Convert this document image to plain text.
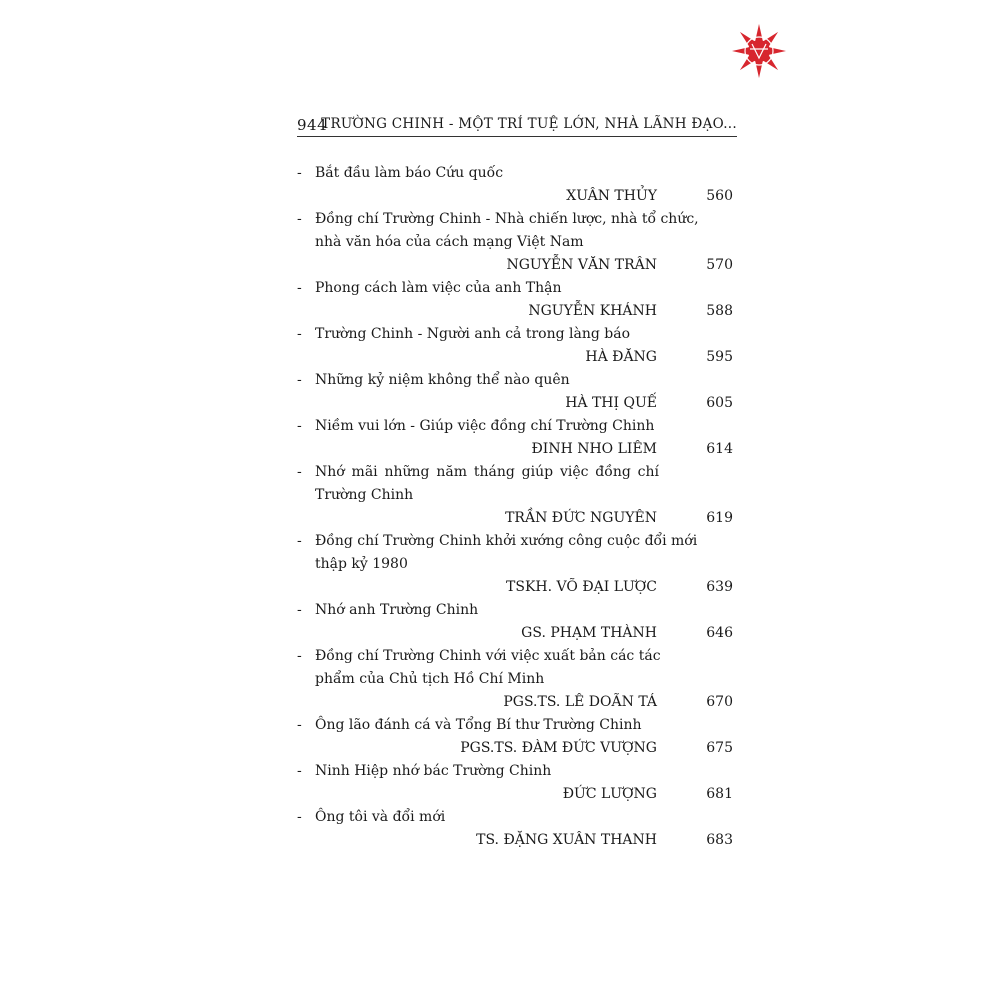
944
TRƯỜNG CHINH - MỘT TRÍ TUỆ LỚN, NHÀ LÃNH ĐẠO...
- Bắt đầu làm báo Cứu quốc
XUÂN THỦY	560
- Đồng chí Trường Chinh - Nhà chiến lược, nhà tổ chức,
nhà văn hóa của cách mạng Việt Nam
NGUYỄN VĂN TRÂN	570
- Phong cách làm việc của anh Thận
NGUYỄN KHÁNH	588
- Trường Chinh - Người anh cả trong làng báo
HÀ ĐĂNG	595
- Những kỷ niệm không thể nào quên
HÀ THỊ QUẾ	605
- Niềm vui lớn - Giúp việc đồng chí Trường Chinh
ĐINH NHO LIÊM	614
- Nhớ mãi những năm tháng giúp việc đồng chí
Trường Chinh
TRẦN ĐỨC NGUYÊN	619
- Đồng chí Trường Chinh khởi xướng công cuộc đổi mới
thập kỷ 1980
TSKH. VÕ ĐẠI LƯỢC	639
- Nhớ anh Trường Chinh
GS. PHẠM THÀNH	646
- Đồng chí Trường Chinh với việc xuất bản các tác
phẩm của Chủ tịch Hồ Chí Minh
PGS.TS. LÊ DOÃN TÁ	670
- Ông lão đánh cá và Tổng Bí thư Trường Chinh
PGS.TS. ĐÀM ĐỨC VƯỢNG	675
- Ninh Hiệp nhớ bác Trường Chinh
ĐỨC LƯỢNG	681
- Ông tôi và đổi mới
TS. ĐẶNG XUÂN THANH	683
